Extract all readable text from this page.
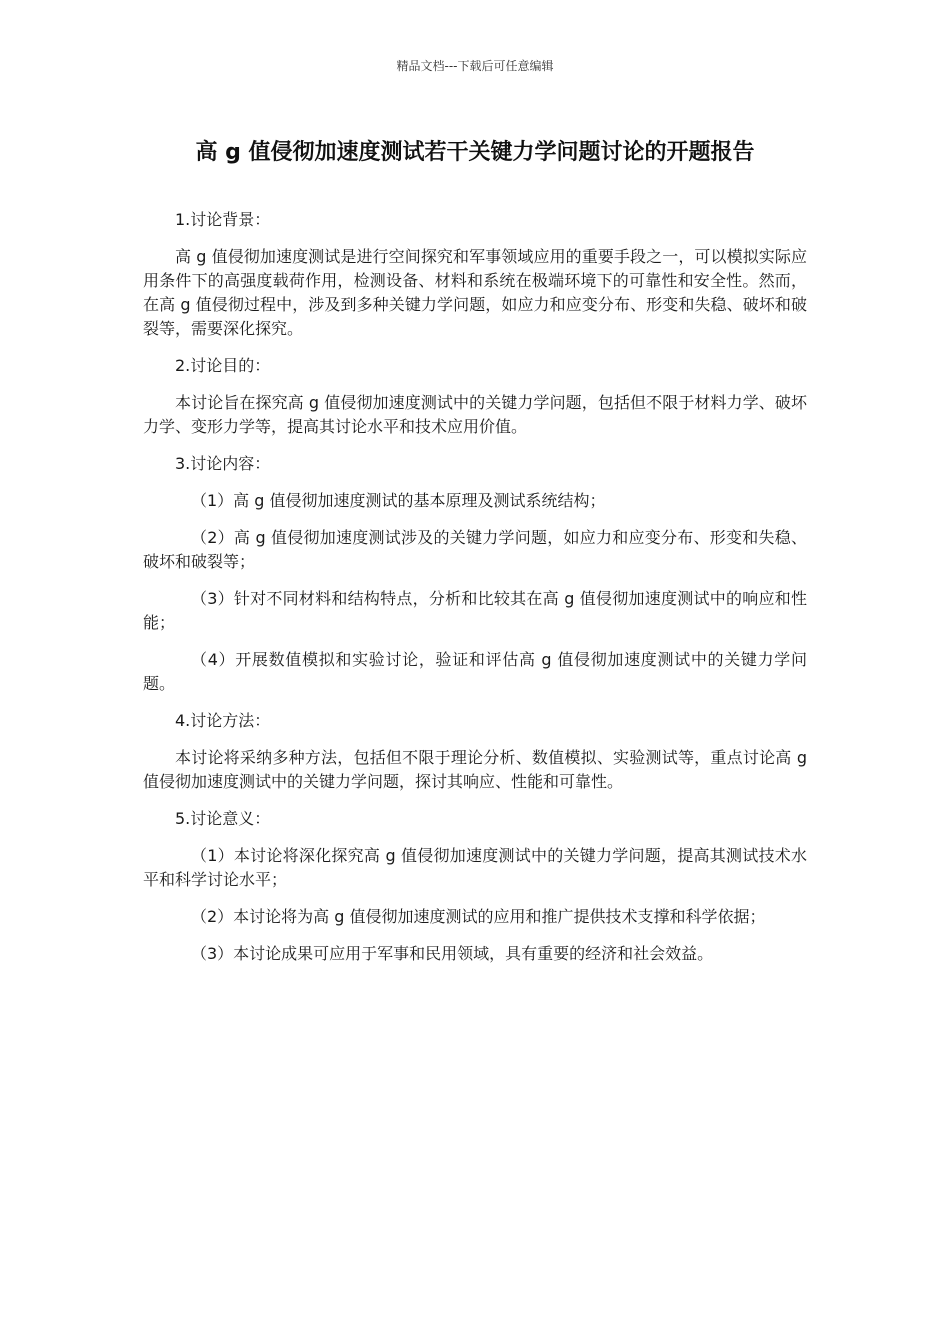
精品文档---下载后可任意编辑
高 g 值侵彻加速度测试若干关键力学问题讨论的开题报告

1.讨论背景：

高 g 值侵彻加速度测试是进行空间探究和军事领域应用的重要手段之一，可以模拟实际应用条件下的高强度载荷作用，检测设备、材料和系统在极端环境下的可靠性和安全性。然而，在高 g 值侵彻过程中，涉及到多种关键力学问题，如应力和应变分布、形变和失稳、破坏和破裂等，需要深化探究。

2.讨论目的：

本讨论旨在探究高 g 值侵彻加速度测试中的关键力学问题，包括但不限于材料力学、破坏力学、变形力学等，提高其讨论水平和技术应用价值。

3.讨论内容：

（1）高 g 值侵彻加速度测试的基本原理及测试系统结构；

（2）高 g 值侵彻加速度测试涉及的关键力学问题，如应力和应变分布、形变和失稳、破坏和破裂等；

（3）针对不同材料和结构特点，分析和比较其在高 g 值侵彻加速度测试中的响应和性能；

（4）开展数值模拟和实验讨论，验证和评估高 g 值侵彻加速度测试中的关键力学问题。

4.讨论方法：

本讨论将采纳多种方法，包括但不限于理论分析、数值模拟、实验测试等，重点讨论高 g 值侵彻加速度测试中的关键力学问题，探讨其响应、性能和可靠性。

5.讨论意义：

（1）本讨论将深化探究高 g 值侵彻加速度测试中的关键力学问题，提高其测试技术水平和科学讨论水平；

（2）本讨论将为高 g 值侵彻加速度测试的应用和推广提供技术支撑和科学依据；

（3）本讨论成果可应用于军事和民用领域，具有重要的经济和社会效益。
